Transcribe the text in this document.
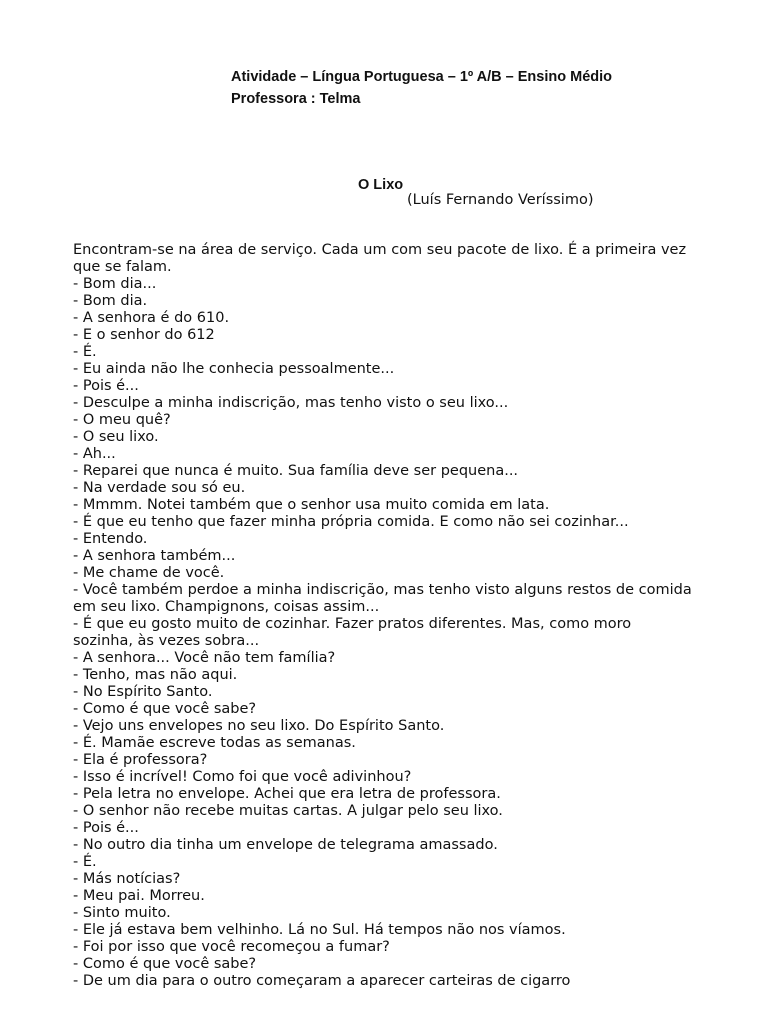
Atividade – Língua Portuguesa – 1º A/B – Ensino Médio
Professora : Telma
O Lixo
(Luís Fernando Veríssimo)

Encontram-se na área de serviço. Cada um com seu pacote de lixo. É a primeira vez que se falam.

- Bom dia...

- Bom dia.

- A senhora é do 610.

- E o senhor do 612

- É.

- Eu ainda não lhe conhecia pessoalmente...

- Pois é...

- Desculpe a minha indiscrição, mas tenho visto o seu lixo...

- O meu quê?

- O seu lixo.

- Ah...

- Reparei que nunca é muito. Sua família deve ser pequena...

- Na verdade sou só eu.

- Mmmm. Notei também que o senhor usa muito comida em lata.

- É que eu tenho que fazer minha própria comida. E como não sei cozinhar...

- Entendo.

- A senhora também...

- Me chame de você.

- Você também perdoe a minha indiscrição, mas tenho visto alguns restos de comida em seu lixo. Champignons, coisas assim...

- É que eu gosto muito de cozinhar. Fazer pratos diferentes. Mas, como moro sozinha, às vezes sobra...

- A senhora... Você não tem família?

- Tenho, mas não aqui.

- No Espírito Santo.

- Como é que você sabe?

- Vejo uns envelopes no seu lixo. Do Espírito Santo.

- É. Mamãe escreve todas as semanas.

- Ela é professora?

- Isso é incrível! Como foi que você adivinhou?

- Pela letra no envelope. Achei que era letra de professora.

- O senhor não recebe muitas cartas. A julgar pelo seu lixo.

- Pois é...

- No outro dia tinha um envelope de telegrama amassado.

- É.

- Más notícias?

- Meu pai. Morreu.

- Sinto muito.

- Ele já estava bem velhinho. Lá no Sul. Há tempos não nos víamos.

- Foi por isso que você recomeçou a fumar?

- Como é que você sabe?

- De um dia para o outro começaram a aparecer carteiras de cigarro
